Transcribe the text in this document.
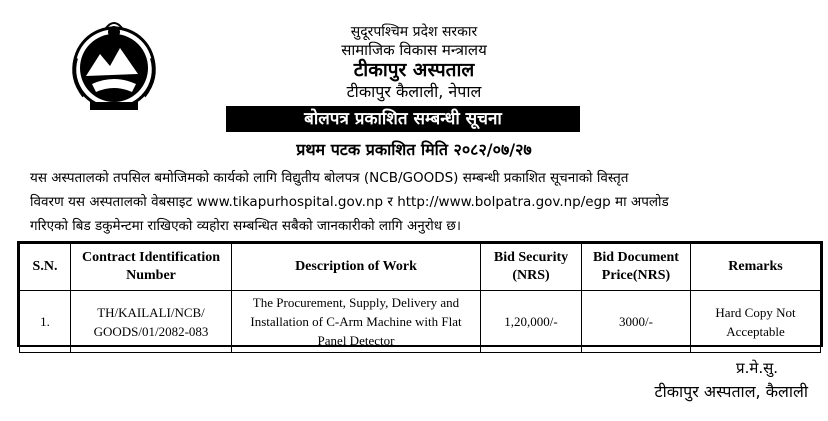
सुदूरपश्चिम प्रदेश सरकार
सामाजिक विकास मन्त्रालय
टीकापुर अस्पताल
टीकापुर कैलाली, नेपाल
बोलपत्र प्रकाशित सम्बन्धी सूचना
प्रथम पटक प्रकाशित मिति २०८२/०७/२७
यस अस्पतालको तपसिल बमोजिमको कार्यको लागि विद्युतीय बोलपत्र (NCB/GOODS) सम्बन्धी प्रकाशित सूचनाको विस्तृत
विवरण यस अस्पतालको वेबसाइट www.tikapurhospital.gov.np र http://www.bolpatra.gov.np/egp मा अपलोड
गरिएको बिड डकुमेन्टमा राखिएको व्यहोरा सम्बन्धित सबैको जानकारीको लागि अनुरोध छ।
S.N.	Contract Identification Number	Description of Work	Bid Security (NRS)	Bid Document Price(NRS)	Remarks
1.	TH/KAILALI/NCB/ GOODS/01/2082-083	The Procurement, Supply, Delivery and Installation of C-Arm Machine with Flat Panel Detector	1,20,000/-	3000/-	Hard Copy Not Acceptable
प्र.मे.सु.
टीकापुर अस्पताल, कैलाली
